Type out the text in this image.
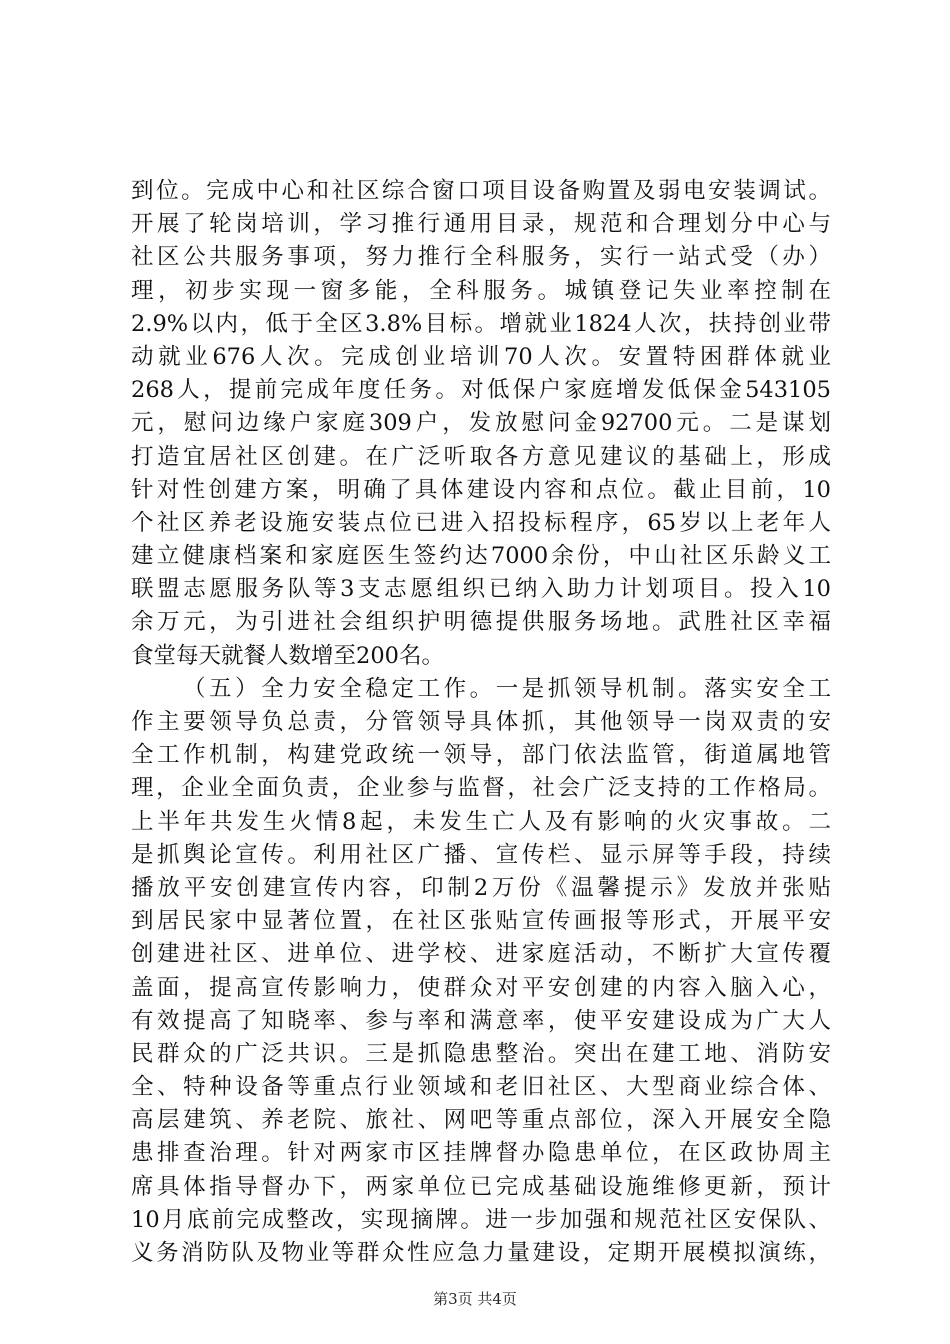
到位。完成中心和社区综合窗口项目设备购置及弱电安装调试。
开展了轮岗培训，学习推行通用目录，规范和合理划分中心与
社区公共服务事项，努力推行全科服务，实行一站式受（办）
理，初步实现一窗多能，全科服务。城镇登记失业率控制在
2.9%以内，低于全区3.8%目标。增就业1824人次，扶持创业带
动就业676人次。完成创业培训70人次。安置特困群体就业
268人，提前完成年度任务。对低保户家庭增发低保金543105
元，慰问边缘户家庭309户，发放慰问金92700元。二是谋划
打造宜居社区创建。在广泛听取各方意见建议的基础上，形成
针对性创建方案，明确了具体建设内容和点位。截止目前，10
个社区养老设施安装点位已进入招投标程序，65岁以上老年人
建立健康档案和家庭医生签约达7000余份，中山社区乐龄义工
联盟志愿服务队等3支志愿组织已纳入助力计划项目。投入10
余万元，为引进社会组织护明德提供服务场地。武胜社区幸福
食堂每天就餐人数增至200名。
（五）全力安全稳定工作。一是抓领导机制。落实安全工
作主要领导负总责，分管领导具体抓，其他领导一岗双责的安
全工作机制，构建党政统一领导，部门依法监管，街道属地管
理，企业全面负责，企业参与监督，社会广泛支持的工作格局。
上半年共发生火情8起，未发生亡人及有影响的火灾事故。二
是抓舆论宣传。利用社区广播、宣传栏、显示屏等手段，持续
播放平安创建宣传内容，印制2万份《温馨提示》发放并张贴
到居民家中显著位置，在社区张贴宣传画报等形式，开展平安
创建进社区、进单位、进学校、进家庭活动，不断扩大宣传覆
盖面，提高宣传影响力，使群众对平安创建的内容入脑入心，
有效提高了知晓率、参与率和满意率，使平安建设成为广大人
民群众的广泛共识。三是抓隐患整治。突出在建工地、消防安
全、特种设备等重点行业领域和老旧社区、大型商业综合体、
高层建筑、养老院、旅社、网吧等重点部位，深入开展安全隐
患排查治理。针对两家市区挂牌督办隐患单位，在区政协周主
席具体指导督办下，两家单位已完成基础设施维修更新，预计
10月底前完成整改，实现摘牌。进一步加强和规范社区安保队、
义务消防队及物业等群众性应急力量建设，定期开展模拟演练，
第3页 共4页
